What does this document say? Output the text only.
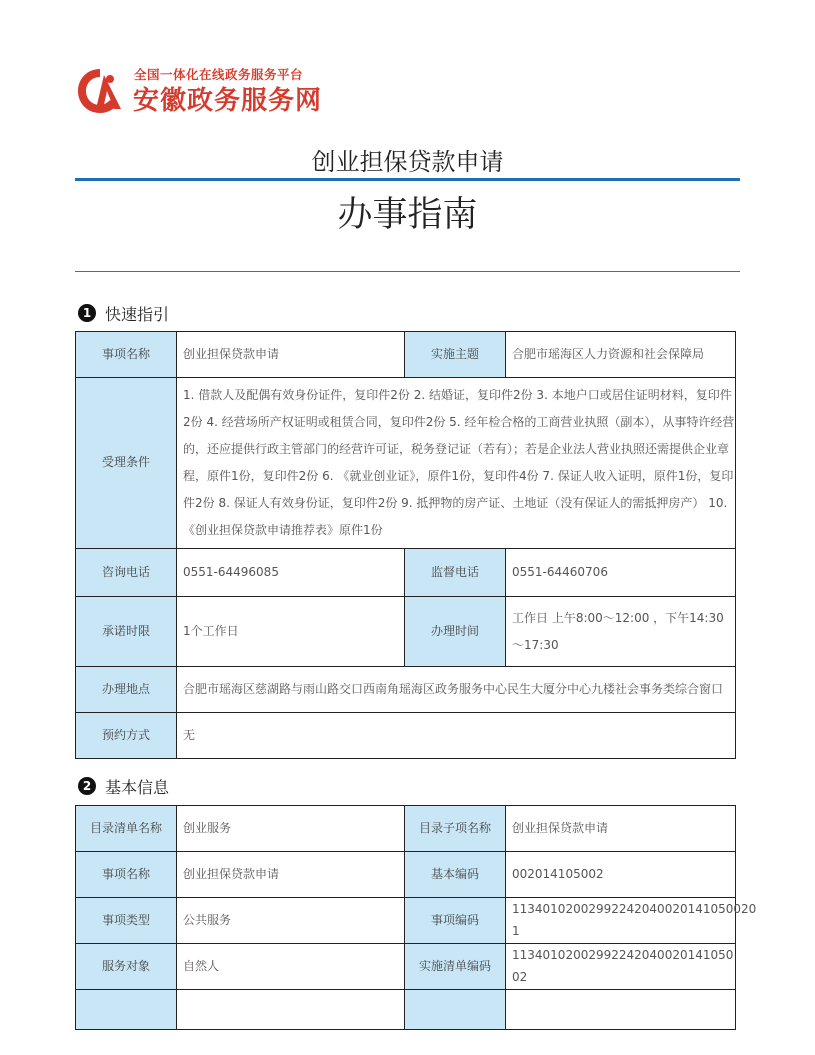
全国一体化在线政务服务平台
安徽政务服务网
创业担保贷款申请
办事指南
1 快速指引
事项名称	创业担保贷款申请	实施主题	合肥市瑶海区人力资源和社会保障局
受理条件	1. 借款人及配偶有效身份证件，复印件2份 2. 结婚证，复印件2份 3. 本地户口或居住证明材料，复印件2份 4. 经营场所产权证明或租赁合同，复印件2份 5. 经年检合格的工商营业执照（副本），从事特许经营的，还应提供行政主管部门的经营许可证，税务登记证（若有）；若是企业法人营业执照还需提供企业章程，原件1份，复印件2份 6. 《就业创业证》，原件1份，复印件4份 7. 保证人收入证明，原件1份，复印件2份 8. 保证人有效身份证，复印件2份 9. 抵押物的房产证、土地证（没有保证人的需抵押房产） 10. 《创业担保贷款申请推荐表》原件1份		
咨询电话	0551-64496085	监督电话	0551-64460706
承诺时限	1个工作日	办理时间	工作日 上午8:00～12:00 ，下午14:30～17:30
办理地点	合肥市瑶海区慈湖路与雨山路交口西南角瑶海区政务服务中心民生大厦分中心九楼社会事务类综合窗口		
预约方式	无		
2 基本信息
目录清单名称	创业服务	目录子项名称	创业担保贷款申请
事项名称	创业担保贷款申请	基本编码	002014105002
事项类型	公共服务	事项编码	11340102002992242040020141050020 1
服务对象	自然人	实施清单编码	11340102002992242040020141050 02
